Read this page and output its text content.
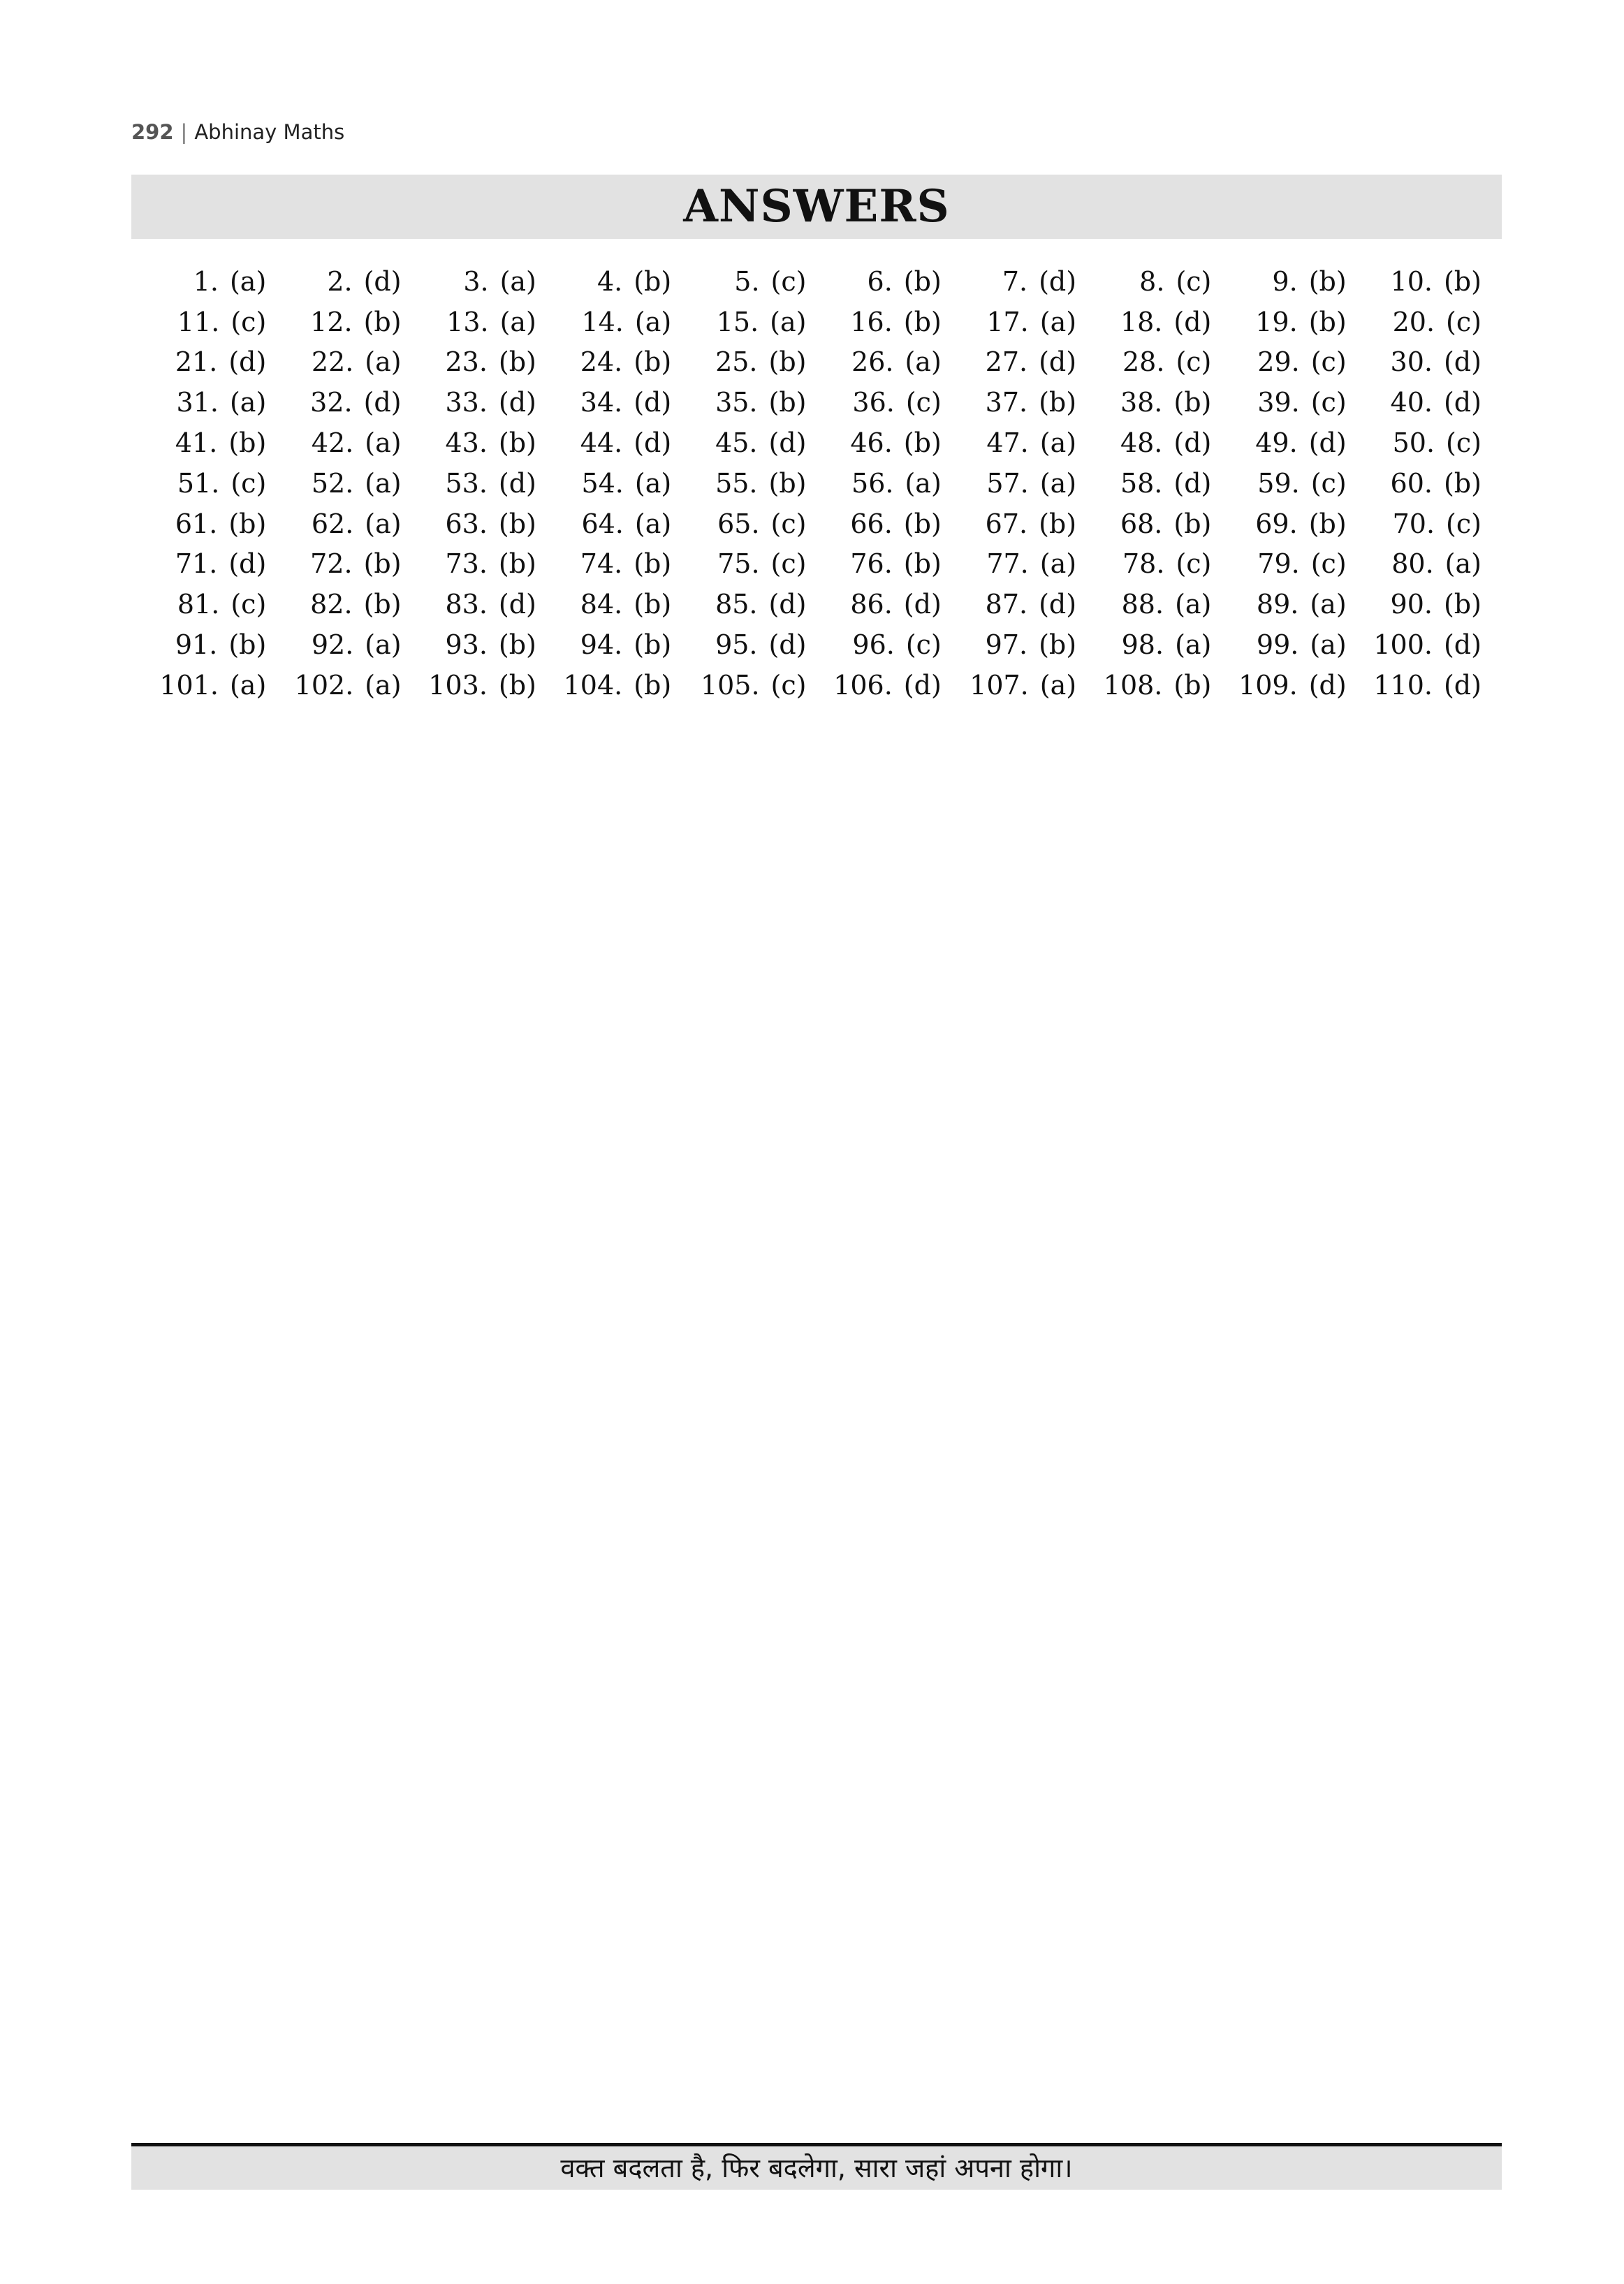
292 | Abhinay Maths
ANSWERS
1. (a) 2. (d) 3. (a) 4. (b) 5. (c) 6. (b) 7. (d) 8. (c) 9. (b) 10. (b)
11. (c) 12. (b) 13. (a) 14. (a) 15. (a) 16. (b) 17. (a) 18. (d) 19. (b) 20. (c)
21. (d) 22. (a) 23. (b) 24. (b) 25. (b) 26. (a) 27. (d) 28. (c) 29. (c) 30. (d)
31. (a) 32. (d) 33. (d) 34. (d) 35. (b) 36. (c) 37. (b) 38. (b) 39. (c) 40. (d)
41. (b) 42. (a) 43. (b) 44. (d) 45. (d) 46. (b) 47. (a) 48. (d) 49. (d) 50. (c)
51. (c) 52. (a) 53. (d) 54. (a) 55. (b) 56. (a) 57. (a) 58. (d) 59. (c) 60. (b)
61. (b) 62. (a) 63. (b) 64. (a) 65. (c) 66. (b) 67. (b) 68. (b) 69. (b) 70. (c)
71. (d) 72. (b) 73. (b) 74. (b) 75. (c) 76. (b) 77. (a) 78. (c) 79. (c) 80. (a)
81. (c) 82. (b) 83. (d) 84. (b) 85. (d) 86. (d) 87. (d) 88. (a) 89. (a) 90. (b)
91. (b) 92. (a) 93. (b) 94. (b) 95. (d) 96. (c) 97. (b) 98. (a) 99. (a) 100. (d)
101. (a) 102. (a) 103. (b) 104. (b) 105. (c) 106. (d) 107. (a) 108. (b) 109. (d) 110. (d)
वक्त बदलता है, फिर बदलेगा, सारा जहां अपना होगा।
